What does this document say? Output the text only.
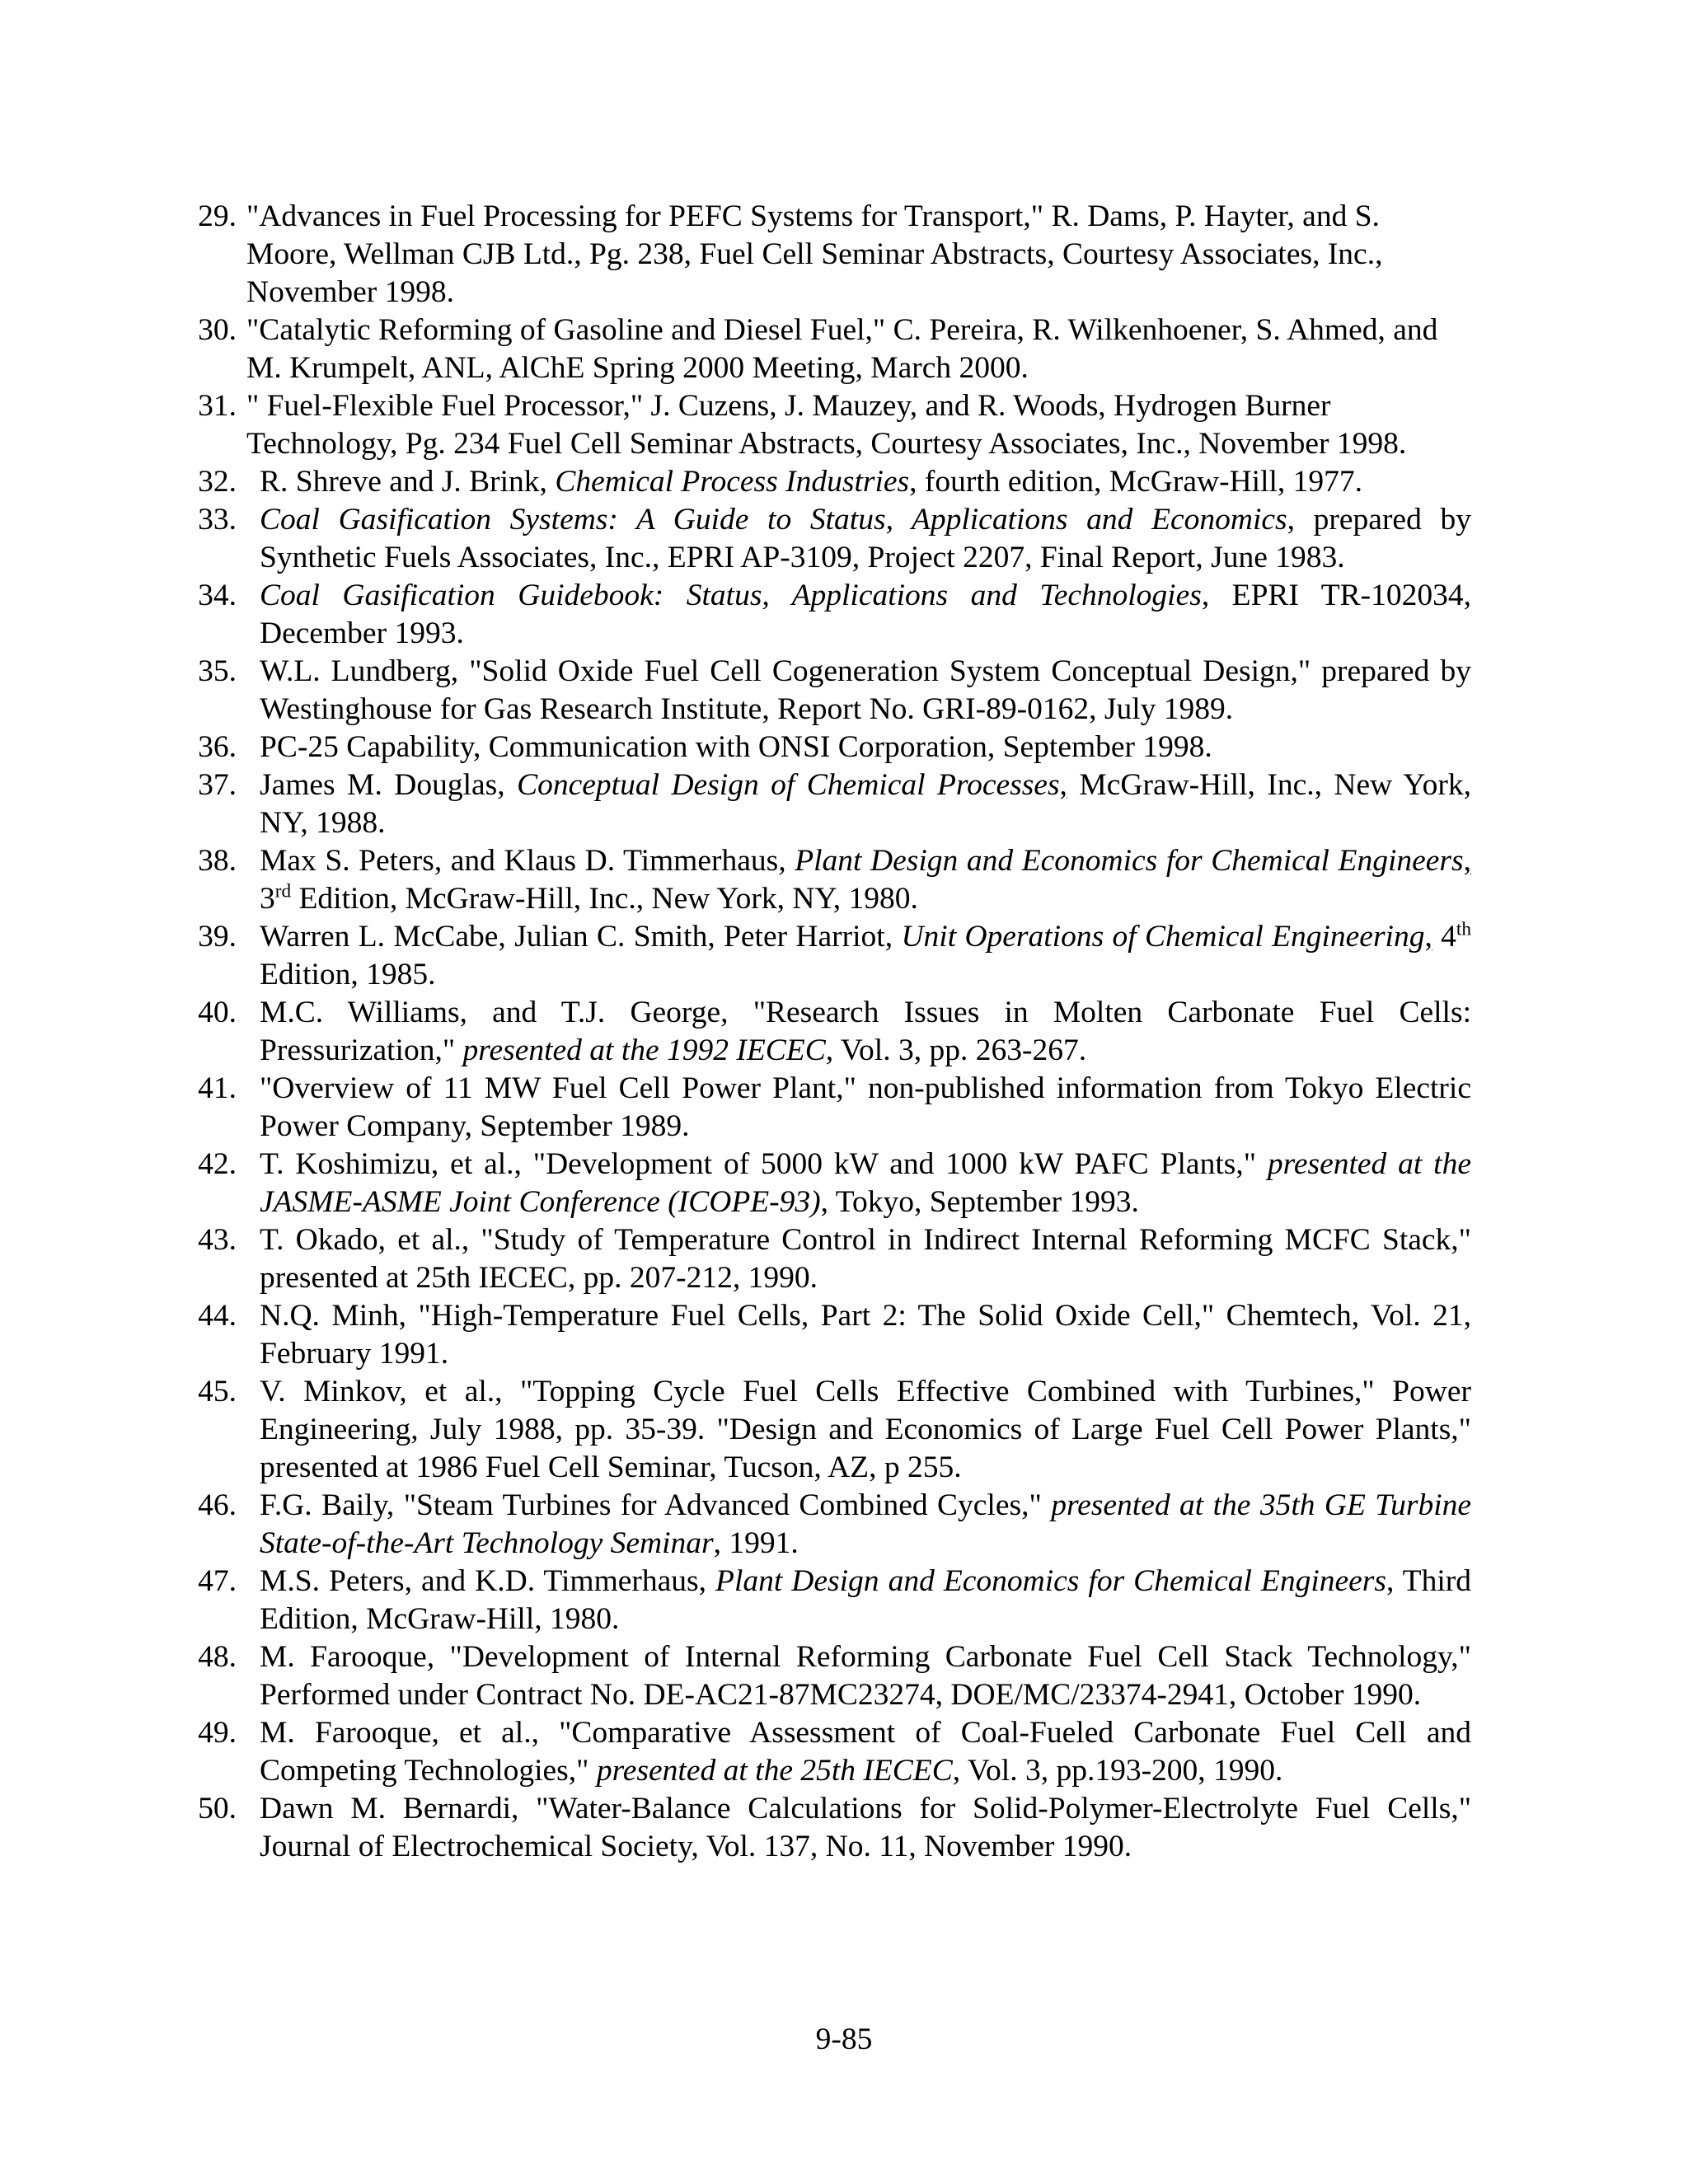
29. "Advances in Fuel Processing for PEFC Systems for Transport," R. Dams, P. Hayter, and S. Moore, Wellman CJB Ltd., Pg. 238, Fuel Cell Seminar Abstracts, Courtesy Associates, Inc., November 1998.
30. "Catalytic Reforming of Gasoline and Diesel Fuel," C. Pereira, R. Wilkenhoener, S. Ahmed, and M. Krumpelt, ANL, AlChE Spring 2000 Meeting, March 2000.
31. " Fuel-Flexible Fuel Processor," J. Cuzens, J. Mauzey, and R. Woods, Hydrogen Burner Technology, Pg. 234 Fuel Cell Seminar Abstracts, Courtesy Associates, Inc., November 1998.
32. R. Shreve and J. Brink, Chemical Process Industries, fourth edition, McGraw-Hill, 1977.
33. Coal Gasification Systems: A Guide to Status, Applications and Economics, prepared by Synthetic Fuels Associates, Inc., EPRI AP-3109, Project 2207, Final Report, June 1983.
34. Coal Gasification Guidebook: Status, Applications and Technologies, EPRI TR-102034, December 1993.
35. W.L. Lundberg, "Solid Oxide Fuel Cell Cogeneration System Conceptual Design," prepared by Westinghouse for Gas Research Institute, Report No. GRI-89-0162, July 1989.
36. PC-25 Capability, Communication with ONSI Corporation, September 1998.
37. James M. Douglas, Conceptual Design of Chemical Processes, McGraw-Hill, Inc., New York, NY, 1988.
38. Max S. Peters, and Klaus D. Timmerhaus, Plant Design and Economics for Chemical Engineers, 3rd Edition, McGraw-Hill, Inc., New York, NY, 1980.
39. Warren L. McCabe, Julian C. Smith, Peter Harriot, Unit Operations of Chemical Engineering, 4th Edition, 1985.
40. M.C. Williams, and T.J. George, "Research Issues in Molten Carbonate Fuel Cells: Pressurization," presented at the 1992 IECEC, Vol. 3, pp. 263-267.
41. "Overview of 11 MW Fuel Cell Power Plant," non-published information from Tokyo Electric Power Company, September 1989.
42. T. Koshimizu, et al., "Development of 5000 kW and 1000 kW PAFC Plants," presented at the JASME-ASME Joint Conference (ICOPE-93), Tokyo, September 1993.
43. T. Okado, et al., "Study of Temperature Control in Indirect Internal Reforming MCFC Stack," presented at 25th IECEC, pp. 207-212, 1990.
44. N.Q. Minh, "High-Temperature Fuel Cells, Part 2: The Solid Oxide Cell," Chemtech, Vol. 21, February 1991.
45. V. Minkov, et al., "Topping Cycle Fuel Cells Effective Combined with Turbines," Power Engineering, July 1988, pp. 35-39. "Design and Economics of Large Fuel Cell Power Plants," presented at 1986 Fuel Cell Seminar, Tucson, AZ, p 255.
46. F.G. Baily, "Steam Turbines for Advanced Combined Cycles," presented at the 35th GE Turbine State-of-the-Art Technology Seminar, 1991.
47. M.S. Peters, and K.D. Timmerhaus, Plant Design and Economics for Chemical Engineers, Third Edition, McGraw-Hill, 1980.
48. M. Farooque, "Development of Internal Reforming Carbonate Fuel Cell Stack Technology," Performed under Contract No. DE-AC21-87MC23274, DOE/MC/23374-2941, October 1990.
49. M. Farooque, et al., "Comparative Assessment of Coal-Fueled Carbonate Fuel Cell and Competing Technologies," presented at the 25th IECEC, Vol. 3, pp.193-200, 1990.
50. Dawn M. Bernardi, "Water-Balance Calculations for Solid-Polymer-Electrolyte Fuel Cells," Journal of Electrochemical Society, Vol. 137, No. 11, November 1990.
9-85
